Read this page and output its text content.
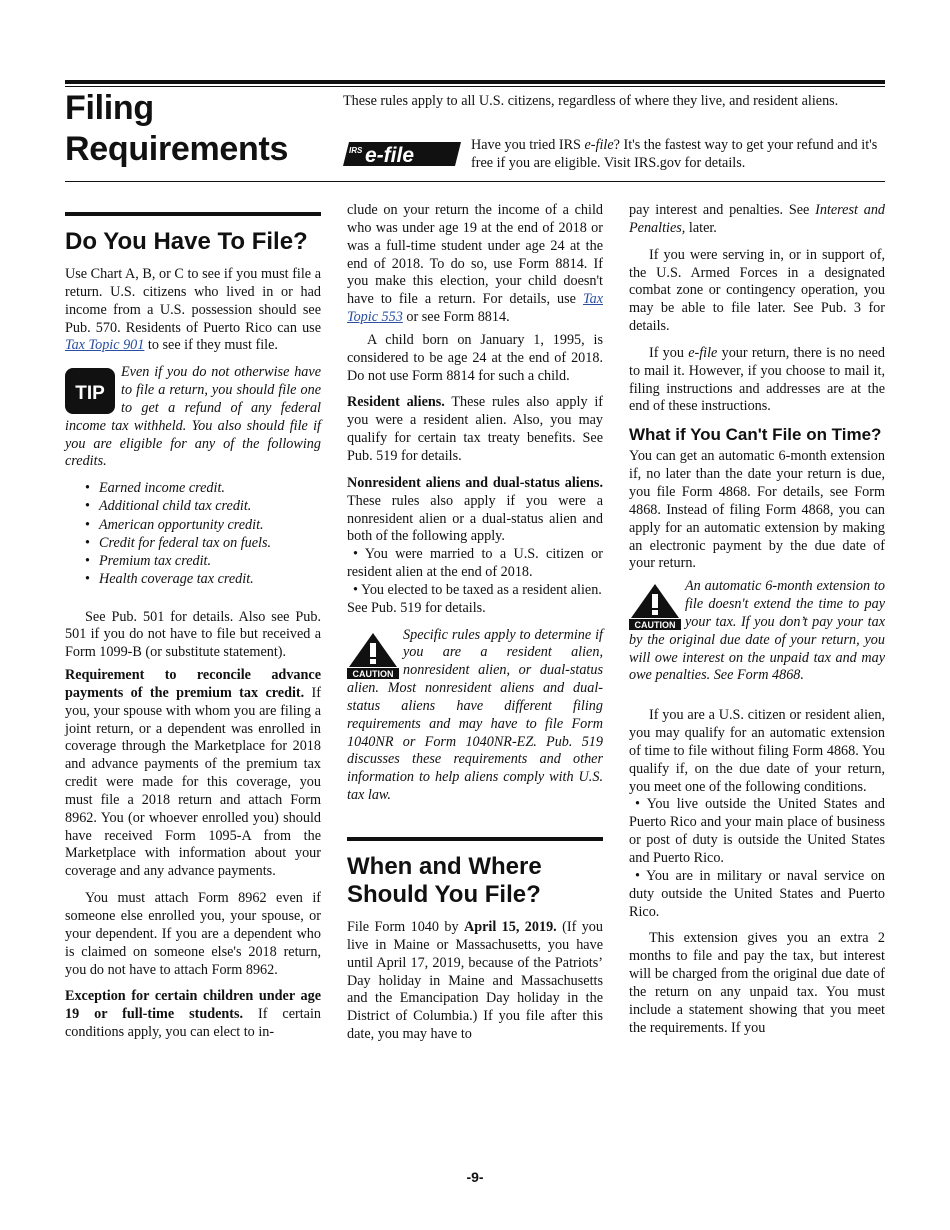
Filing
Requirements
These rules apply to all U.S. citizens, regardless of where they live, and resident aliens.
IRS e-file	Have you tried IRS e-file? It's the fastest way to get your refund and it's free if you are eligible. Visit IRS.gov for details.
Do You Have To File?

Use Chart A, B, or C to see if you must file a return. U.S. citizens who lived in or had income from a U.S. possession should see Pub. 570. Residents of Puerto Rico can use Tax Topic 901 to see if they must file.

TIP

Even if you do not otherwise have to file a return, you should file one to get a refund of any federal income tax withheld. You also should file if you are eligible for any of the following credits.

• Earned income credit.
• Additional child tax credit.
• American opportunity credit.
• Credit for federal tax on fuels.
• Premium tax credit.
• Health coverage tax credit.

See Pub. 501 for details. Also see Pub. 501 if you do not have to file but received a Form 1099-B (or substitute statement).

Requirement to reconcile advance payments of the premium tax credit. If you, your spouse with whom you are filing a joint return, or a dependent was enrolled in coverage through the Marketplace for 2018 and advance payments of the premium tax credit were made for this coverage, you must file a 2018 return and attach Form 8962. You (or whoever enrolled you) should have received Form 1095-A from the Marketplace with information about your coverage and any advance payments.

You must attach Form 8962 even if someone else enrolled you, your spouse, or your dependent. If you are a dependent who is claimed on someone else's 2018 return, you do not have to attach Form 8962.

Exception for certain children under age 19 or full-time students. If certain conditions apply, you can elect to in-

clude on your return the income of a child who was under age 19 at the end of 2018 or was a full-time student under age 24 at the end of 2018. To do so, use Form 8814. If you make this election, your child doesn't have to file a return. For details, use Tax Topic 553 or see Form 8814.

A child born on January 1, 1995, is considered to be age 24 at the end of 2018. Do not use Form 8814 for such a child.

Resident aliens. These rules also apply if you were a resident alien. Also, you may qualify for certain tax treaty benefits. See Pub. 519 for details.

Nonresident aliens and dual-status aliens. These rules also apply if you were a nonresident alien or a dual-status alien and both of the following apply.

• You were married to a U.S. citizen or resident alien at the end of 2018.

• You elected to be taxed as a resident alien.

See Pub. 519 for details.

CAUTION

Specific rules apply to determine if you are a resident alien, nonresident alien, or dual-status alien. Most nonresident aliens and dual-status aliens have different filing requirements and may have to file Form 1040NR or Form 1040NR-EZ. Pub. 519 discusses these requirements and other information to help aliens comply with U.S. tax law.

When and Where Should You File?

File Form 1040 by April 15, 2019. (If you live in Maine or Massachusetts, you have until April 17, 2019, because of the Patriots’ Day holiday in Maine and Massachusetts and the Emancipation Day holiday in the District of Columbia.) If you file after this date, you may have to

pay interest and penalties. See Interest and Penalties, later.

If you were serving in, or in support of, the U.S. Armed Forces in a designated combat zone or contingency operation, you may be able to file later. See Pub. 3 for details.

If you e-file your return, there is no need to mail it. However, if you choose to mail it, filing instructions and addresses are at the end of these instructions.

What if You Can't File on Time?

You can get an automatic 6-month extension if, no later than the date your return is due, you file Form 4868. For details, see Form 4868. Instead of filing Form 4868, you can apply for an automatic extension by making an electronic payment by the due date of your return.

CAUTION

An automatic 6-month extension to file doesn't extend the time to pay your tax. If you don’t pay your tax by the original due date of your return, you will owe interest on the unpaid tax and may owe penalties. See Form 4868.

If you are a U.S. citizen or resident alien, you may qualify for an automatic extension of time to file without filing Form 4868. You qualify if, on the due date of your return, you meet one of the following conditions.

• You live outside the United States and Puerto Rico and your main place of business or post of duty is outside the United States and Puerto Rico.

• You are in military or naval service on duty outside the United States and Puerto Rico.

This extension gives you an extra 2 months to file and pay the tax, but interest will be charged from the original due date of the return on any unpaid tax. You must include a statement showing that you meet the requirements. If you

-9-
